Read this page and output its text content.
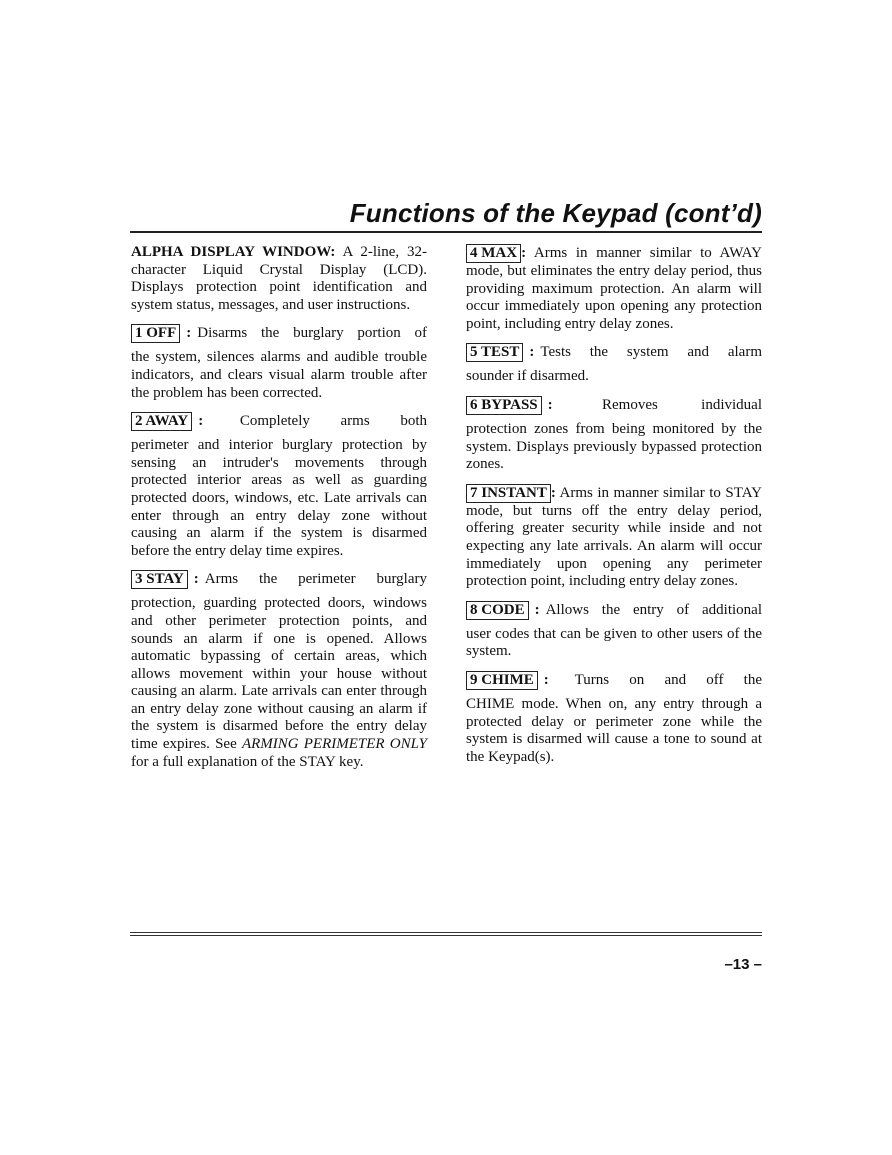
Functions of the Keypad (cont’d)

ALPHA DISPLAY WINDOW: A 2-line, 32-character Liquid Crystal Display (LCD). Displays protection point identification and system status, messages, and user instructions.

1 OFF : Disarms the burglary portion of
the system, silences alarms and audible trouble indicators, and clears visual alarm trouble after the problem has been corrected.
2 AWAY : Completely arms both
perimeter and interior burglary protection by sensing an intruder's movements through protected interior areas as well as guarding protected doors, windows, etc. Late arrivals can enter through an entry delay zone without causing an alarm if the system is disarmed before the entry delay time expires.
3 STAY : Arms the perimeter burglary
protection, guarding protected doors, windows and other perimeter protection points, and sounds an alarm if one is opened. Allows automatic bypassing of certain areas, which allows movement within your house without causing an alarm. Late arrivals can enter through an entry delay zone without causing an alarm if the system is disarmed before the entry delay time expires. See ARMING PERIMETER ONLY for a full explanation of the STAY key.

4 MAX : Arms in manner similar to AWAY mode, but eliminates the entry delay period, thus providing maximum protection. An alarm will occur immediately upon opening any protection point, including entry delay zones.

5 TEST : Tests the system and alarm
sounder if disarmed.
6 BYPASS :	Removes individual
protection zones from being monitored by the system. Displays previously bypassed protection zones.

7 INSTANT : Arms in manner similar to STAY mode, but turns off the entry delay period, offering greater security while inside and not expecting any late arrivals. An alarm will occur immediately upon opening any perimeter protection point, including entry delay zones.

8 CODE : Allows the entry of additional
user codes that can be given to other users of the system.
9 CHIME : Turns on and off the
CHIME mode. When on, any entry through a protected delay or perimeter zone while the system is disarmed will cause a tone to sound at the Keypad(s).
–13 –
